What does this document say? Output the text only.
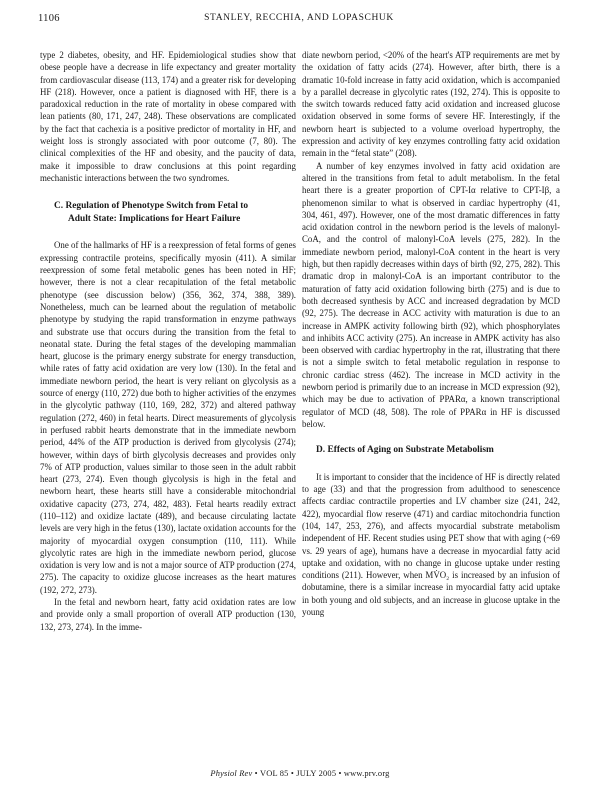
1106	STANLEY, RECCHIA, AND LOPASCHUK

type 2 diabetes, obesity, and HF. Epidemiological studies show that obese people have a decrease in life expectancy and greater mortality from cardiovascular disease (113, 174) and a greater risk for developing HF (218). However, once a patient is diagnosed with HF, there is a paradoxical reduction in the rate of mortality in obese compared with lean patients (80, 171, 247, 248). These observations are complicated by the fact that cachexia is a positive predictor of mortality in HF, and weight loss is strongly associated with poor outcome (7, 80). The clinical complexities of the HF and obesity, and the paucity of data, make it impossible to draw conclusions at this point regarding mechanistic interactions between the two syndromes.

C. Regulation of Phenotype Switch from Fetal to
Adult State: Implications for Heart Failure

One of the hallmarks of HF is a reexpression of fetal forms of genes expressing contractile proteins, specifically myosin (411). A similar reexpression of some fetal metabolic genes has been noted in HF; however, there is not a clear recapitulation of the fetal metabolic phenotype (see discussion below) (356, 362, 374, 388, 389). Nonetheless, much can be learned about the regulation of metabolic phenotype by studying the rapid transformation in enzyme pathways and substrate use that occurs during the transition from the fetal to neonatal state. During the fetal stages of the developing mammalian heart, glucose is the primary energy substrate for energy transduction, while rates of fatty acid oxidation are very low (130). In the fetal and immediate newborn period, the heart is very reliant on glycolysis as a source of energy (110, 272) due both to higher activities of the enzymes in the glycolytic pathway (110, 169, 282, 372) and altered pathway regulation (272, 460) in fetal hearts. Direct measurements of glycolysis in perfused rabbit hearts demonstrate that in the immediate newborn period, 44% of the ATP production is derived from glycolysis (274); however, within days of birth glycolysis decreases and provides only 7% of ATP production, values similar to those seen in the adult rabbit heart (273, 274). Even though glycolysis is high in the fetal and newborn heart, these hearts still have a considerable mitochondrial oxidative capacity (273, 274, 482, 483). Fetal hearts readily extract (110–112) and oxidize lactate (489), and because circulating lactate levels are very high in the fetus (130), lactate oxidation accounts for the majority of myocardial oxygen consumption (110, 111). While glycolytic rates are high in the immediate newborn period, glucose oxidation is very low and is not a major source of ATP production (274, 275). The capacity to oxidize glucose increases as the heart matures (192, 272, 273).

In the fetal and newborn heart, fatty acid oxidation rates are low and provide only a small proportion of overall ATP production (130, 132, 273, 274). In the imme-

diate newborn period, <20% of the heart's ATP requirements are met by the oxidation of fatty acids (274). However, after birth, there is a dramatic 10-fold increase in fatty acid oxidation, which is accompanied by a parallel decrease in glycolytic rates (192, 274). This is opposite to the switch towards reduced fatty acid oxidation and increased glucose oxidation observed in some forms of severe HF. Interestingly, if the newborn heart is subjected to a volume overload hypertrophy, the expression and activity of key enzymes controlling fatty acid oxidation remain in the “fetal state” (208).

A number of key enzymes involved in fatty acid oxidation are altered in the transitions from fetal to adult metabolism. In the fetal heart there is a greater proportion of CPT-Iα relative to CPT-Iβ, a phenomenon similar to what is observed in cardiac hypertrophy (41, 304, 461, 497). However, one of the most dramatic differences in fatty acid oxidation control in the newborn period is the levels of malonyl-CoA, and the control of malonyl-CoA levels (275, 282). In the immediate newborn period, malonyl-CoA content in the heart is very high, but then rapidly decreases within days of birth (92, 275, 282). This dramatic drop in malonyl-CoA is an important contributor to the maturation of fatty acid oxidation following birth (275) and is due to both decreased synthesis by ACC and increased degradation by MCD (92, 275). The decrease in ACC activity with maturation is due to an increase in AMPK activity following birth (92), which phosphorylates and inhibits ACC activity (275). An increase in AMPK activity has also been observed with cardiac hypertrophy in the rat, illustrating that there is not a simple switch to fetal metabolic regulation in response to chronic cardiac stress (462). The increase in MCD activity in the newborn period is primarily due to an increase in MCD expression (92), which may be due to activation of PPARα, a known transcriptional regulator of MCD (48, 508). The role of PPARα in HF is discussed below.

D. Effects of Aging on Substrate Metabolism

It is important to consider that the incidence of HF is directly related to age (33) and that the progression from adulthood to senescence affects cardiac contractile properties and LV chamber size (241, 242, 422), myocardial flow reserve (471) and cardiac mitochondria function (104, 147, 253, 276), and affects myocardial substrate metabolism independent of HF. Recent studies using PET show that with aging (~69 vs. 29 years of age), humans have a decrease in myocardial fatty acid uptake and oxidation, with no change in glucose uptake under resting conditions (211). However, when MV̇O₂ is increased by an infusion of dobutamine, there is a similar increase in myocardial fatty acid uptake in both young and old subjects, and an increase in glucose uptake in the young

Physiol Rev • VOL 85 • JULY 2005 • www.prv.org
